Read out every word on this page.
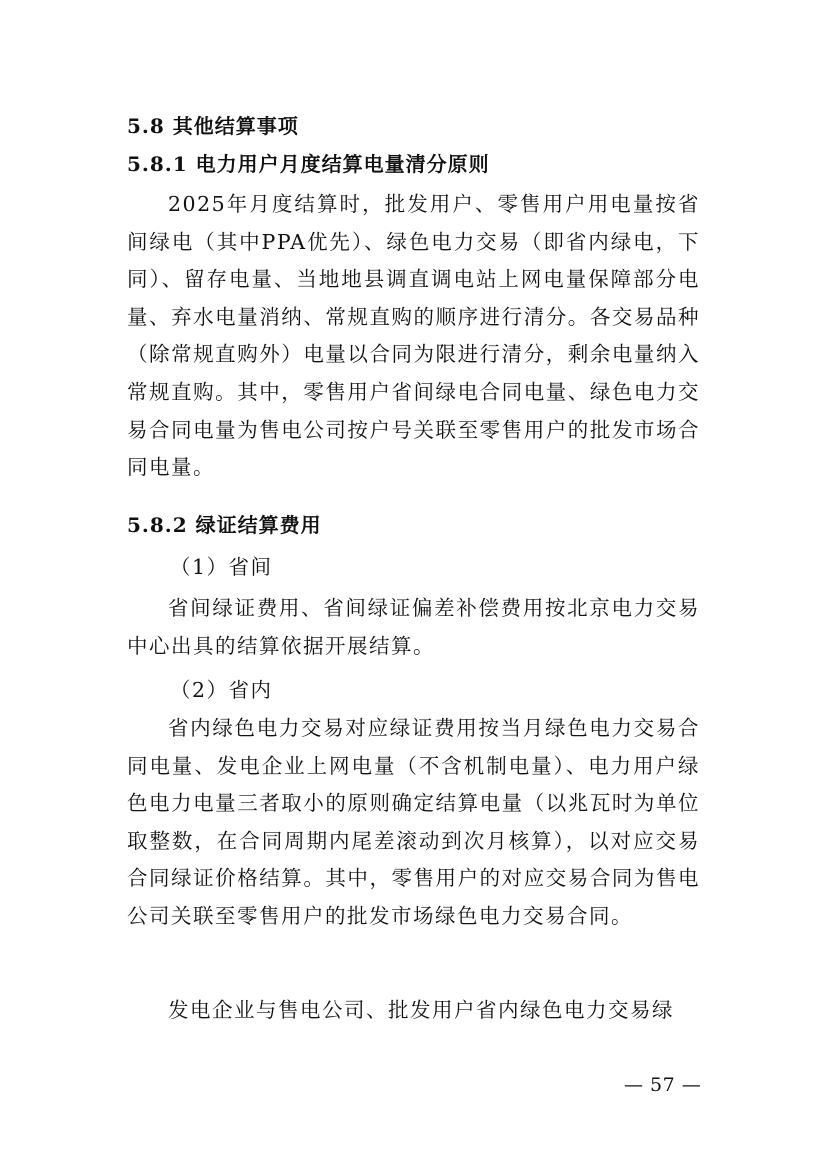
5.8 其他结算事项
5.8.1 电力用户月度结算电量清分原则

2025年月度结算时，批发用户、零售用户用电量按省间绿电（其中PPA优先）、绿色电力交易（即省内绿电，下同）、留存电量、当地地县调直调电站上网电量保障部分电量、弃水电量消纳、常规直购的顺序进行清分。各交易品种（除常规直购外）电量以合同为限进行清分，剩余电量纳入常规直购。其中，零售用户省间绿电合同电量、绿色电力交易合同电量为售电公司按户号关联至零售用户的批发市场合同电量。

5.8.2 绿证结算费用
（1）省间

省间绿证费用、省间绿证偏差补偿费用按北京电力交易中心出具的结算依据开展结算。

（2）省内

省内绿色电力交易对应绿证费用按当月绿色电力交易合同电量、发电企业上网电量（不含机制电量）、电力用户绿色电力电量三者取小的原则确定结算电量（以兆瓦时为单位取整数，在合同周期内尾差滚动到次月核算），以对应交易合同绿证价格结算。其中，零售用户的对应交易合同为售电公司关联至零售用户的批发市场绿色电力交易合同。

发电企业与售电公司、批发用户省内绿色电力交易绿

— 57 —
